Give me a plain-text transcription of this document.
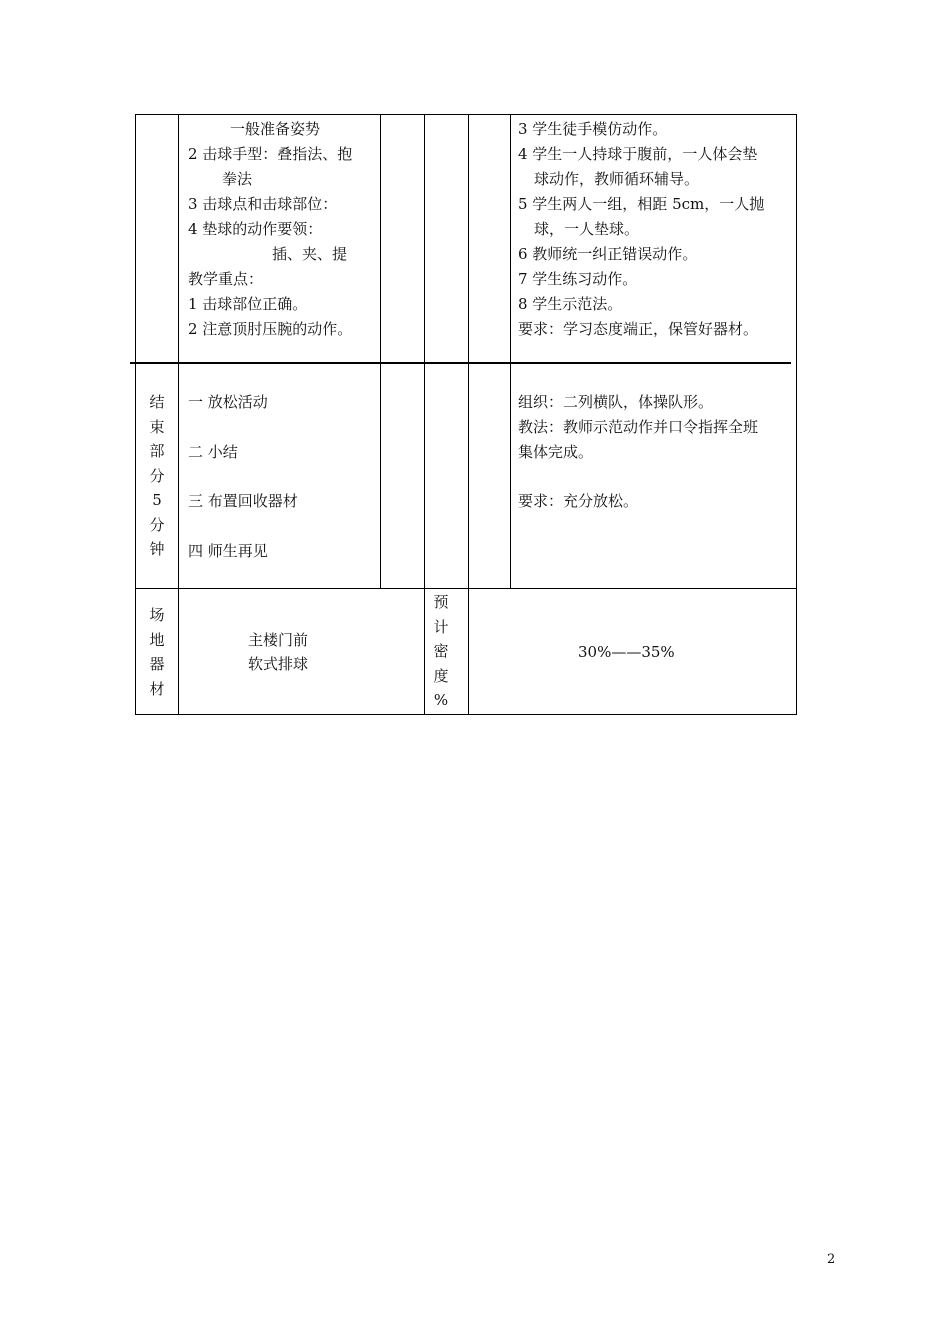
一般准备姿势
2 击球手型：叠指法、抱
拳法
3 击球点和击球部位：
4 垫球的动作要领：
插、夹、提
教学重点：
1 击球部位正确。
2 注意顶肘压腕的动作。
3 学生徒手模仿动作。
4 学生一人持球于腹前，一人体会垫
球动作，教师循环辅导。
5 学生两人一组，相距 5cm，一人抛
球，一人垫球。
6 教师统一纠正错误动作。
7 学生练习动作。
8 学生示范法。
要求：学习态度端正，保管好器材。
结
束
部
分
5
分
钟
一 放松活动
二 小结
三 布置回收器材
四 师生再见
组织：二列横队，体操队形。
教法：教师示范动作并口令指挥全班
集体完成。
要求：充分放松。
场
地
器
材
主楼门前
软式排球
预
计
密
度
%
30%——35%
2
